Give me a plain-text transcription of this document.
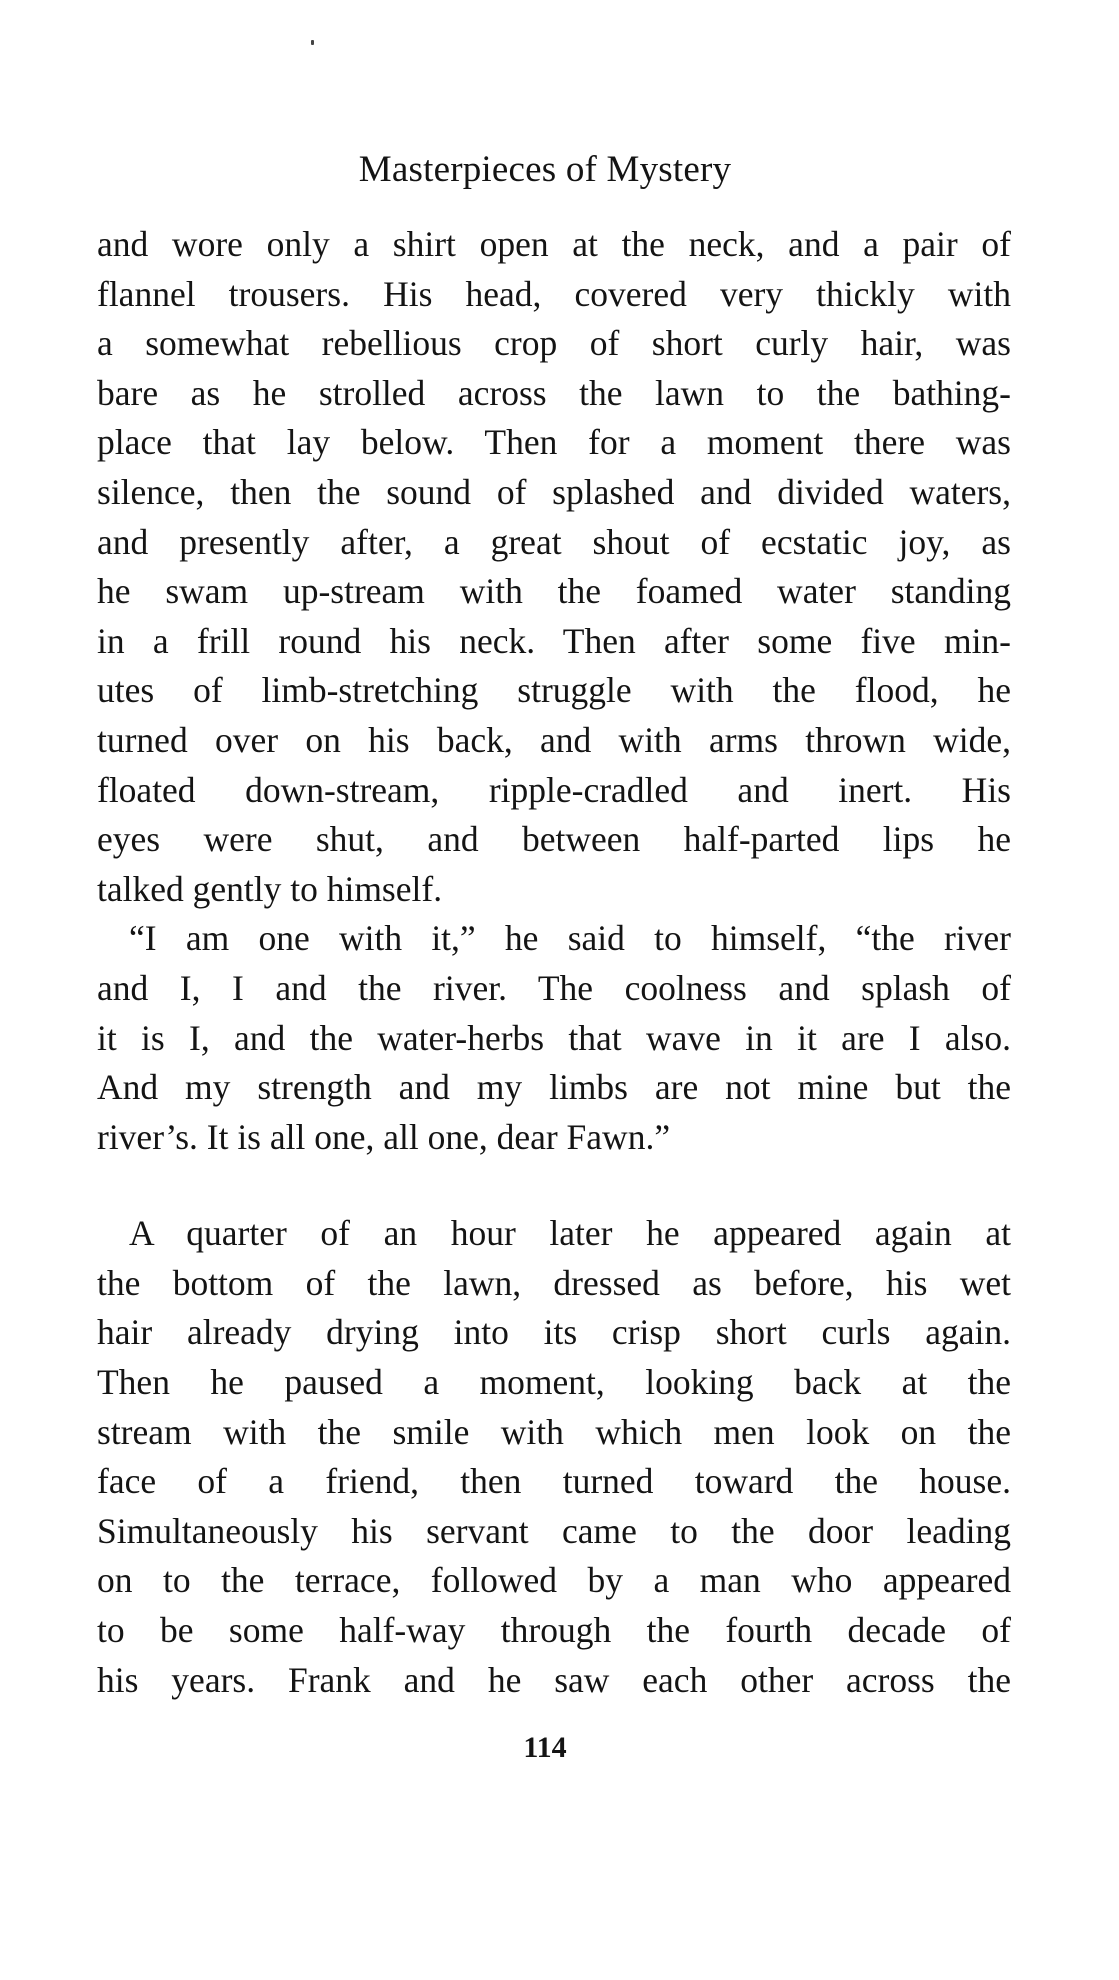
Masterpieces of Mystery
and wore only a shirt open at the neck, and a pair of
flannel trousers. His head, covered very thickly with
a somewhat rebellious crop of short curly hair, was
bare as he strolled across the lawn to the bathing-
place that lay below. Then for a moment there was
silence, then the sound of splashed and divided waters,
and presently after, a great shout of ecstatic joy, as
he swam up-stream with the foamed water standing
in a frill round his neck. Then after some five min-
utes of limb-stretching struggle with the flood, he
turned over on his back, and with arms thrown wide,
floated down-stream, ripple-cradled and inert. His
eyes were shut, and between half-parted lips he
talked gently to himself.
“I am one with it,” he said to himself, “the river
and I, I and the river. The coolness and splash of
it is I, and the water-herbs that wave in it are I also.
And my strength and my limbs are not mine but the
river’s. It is all one, all one, dear Fawn.”
A quarter of an hour later he appeared again at
the bottom of the lawn, dressed as before, his wet
hair already drying into its crisp short curls again.
Then he paused a moment, looking back at the
stream with the smile with which men look on the
face of a friend, then turned toward the house.
Simultaneously his servant came to the door leading
on to the terrace, followed by a man who appeared
to be some half-way through the fourth decade of
his years. Frank and he saw each other across the
114
